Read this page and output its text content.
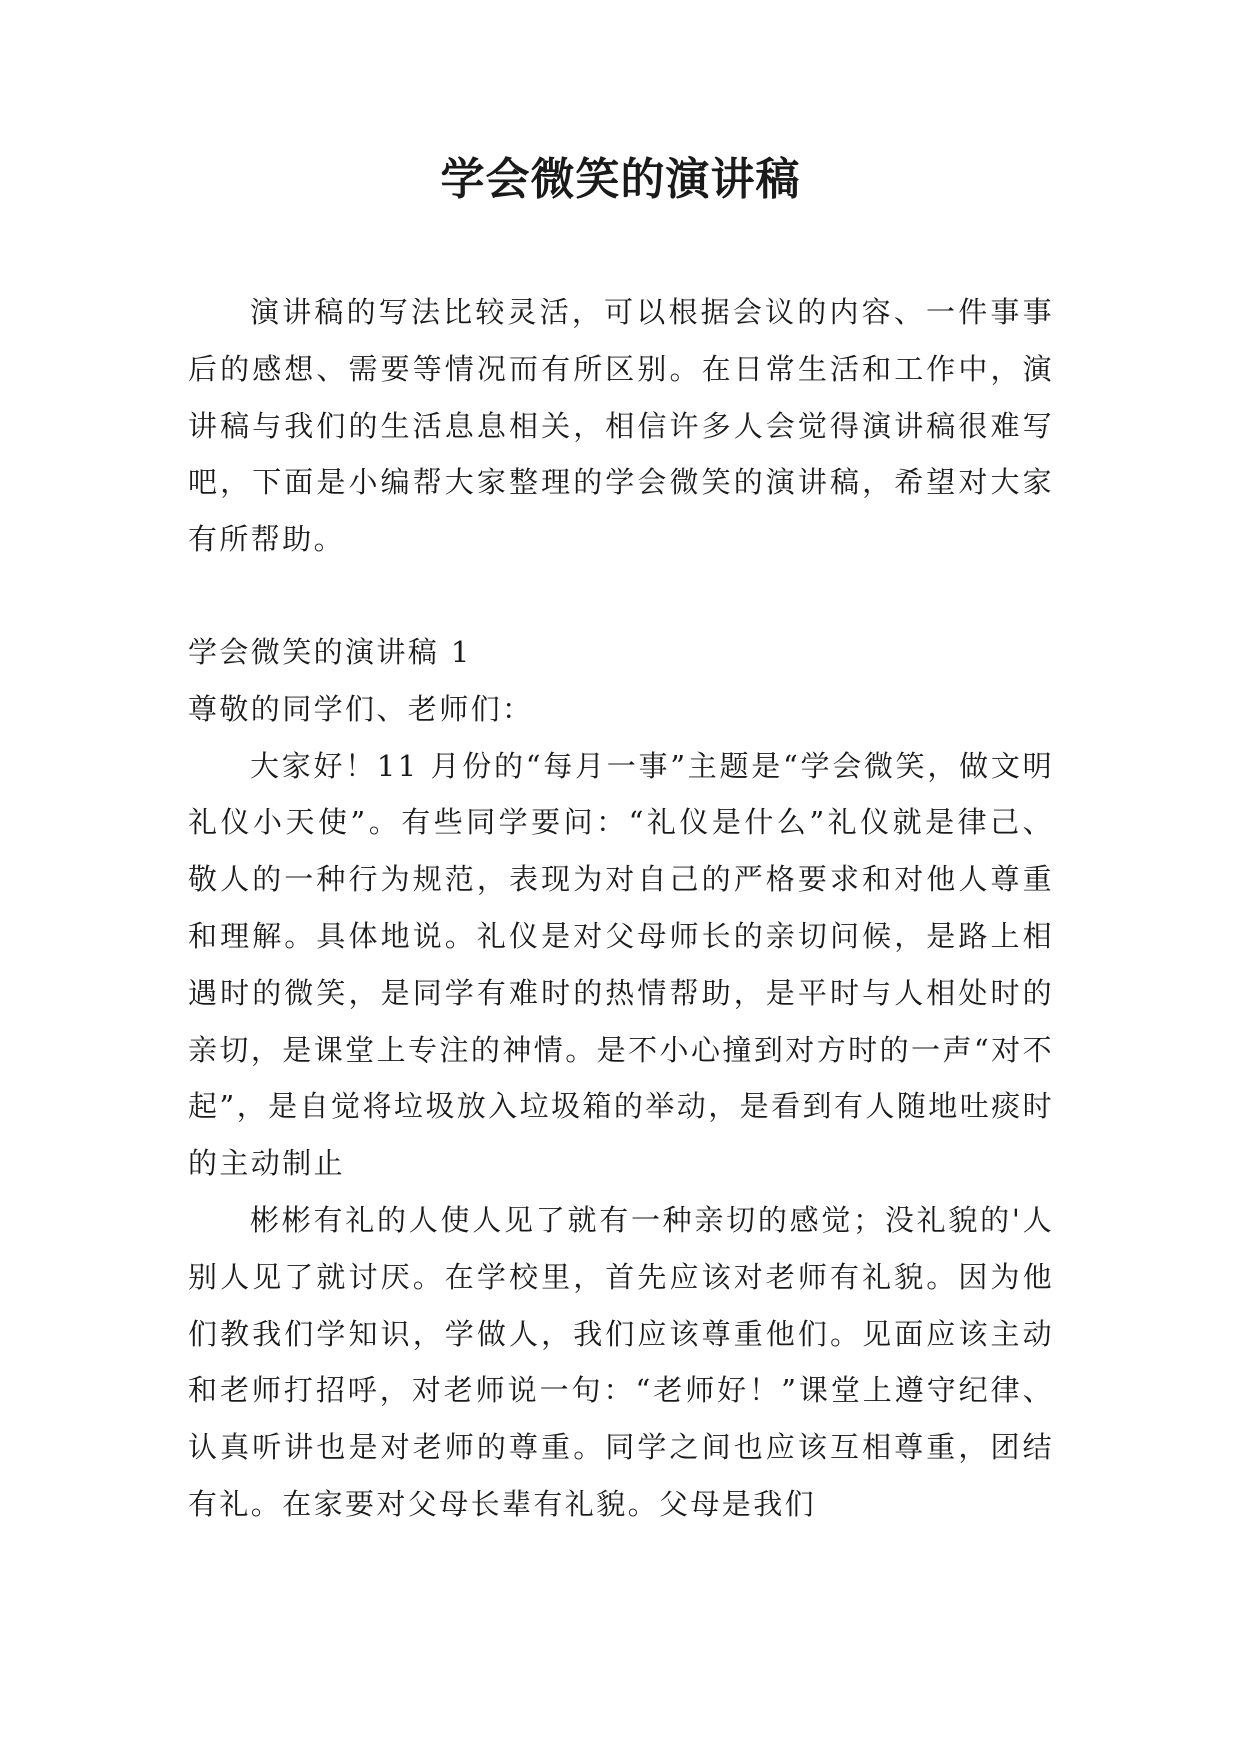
学会微笑的演讲稿

演讲稿的写法比较灵活，可以根据会议的内容、一件事事后的感想、需要等情况而有所区别。在日常生活和工作中，演讲稿与我们的生活息息相关，相信许多人会觉得演讲稿很难写吧，下面是小编帮大家整理的学会微笑的演讲稿，希望对大家有所帮助。

学会微笑的演讲稿 1

尊敬的同学们、老师们：

大家好！11 月份的“每月一事”主题是“学会微笑，做文明礼仪小天使”。有些同学要问：“礼仪是什么”礼仪就是律己、敬人的一种行为规范，表现为对自己的严格要求和对他人尊重和理解。具体地说。礼仪是对父母师长的亲切问候，是路上相遇时的微笑，是同学有难时的热情帮助，是平时与人相处时的亲切，是课堂上专注的神情。是不小心撞到对方时的一声“对不起”，是自觉将垃圾放入垃圾箱的举动，是看到有人随地吐痰时的主动制止

彬彬有礼的人使人见了就有一种亲切的感觉；没礼貌的'人别人见了就讨厌。在学校里，首先应该对老师有礼貌。因为他们教我们学知识，学做人，我们应该尊重他们。见面应该主动和老师打招呼，对老师说一句：“老师好！”课堂上遵守纪律、认真听讲也是对老师的尊重。同学之间也应该互相尊重，团结有礼。在家要对父母长辈有礼貌。父母是我们
